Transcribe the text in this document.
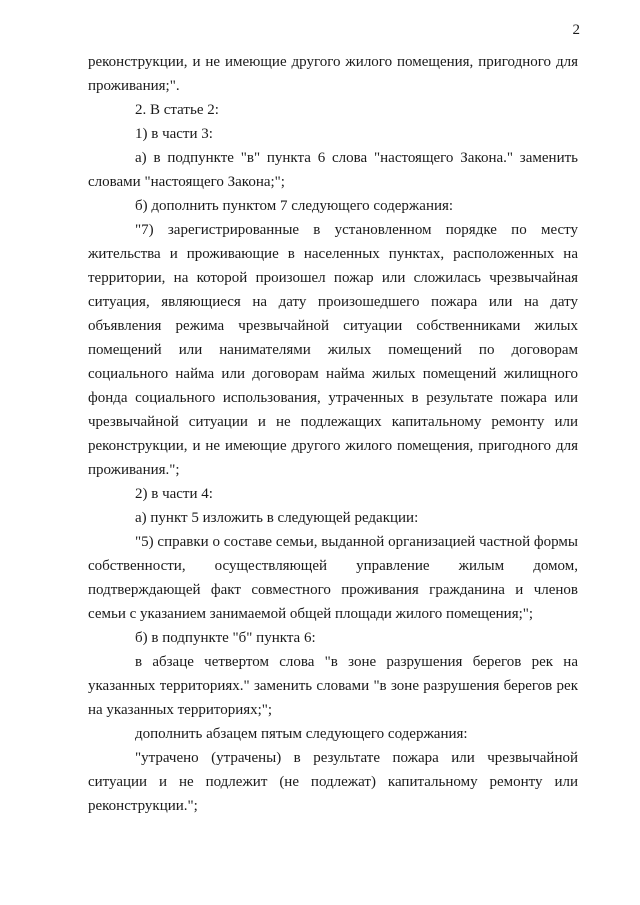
2

реконструкции, и не имеющие другого жилого помещения, пригодного для проживания;".

2. В статье 2:

1) в части 3:

а) в подпункте "в" пункта 6 слова "настоящего Закона." заменить словами "настоящего Закона;";

б) дополнить пунктом 7 следующего содержания:

"7) зарегистрированные в установленном порядке по месту жительства и проживающие в населенных пунктах, расположенных на территории, на которой произошел пожар или сложилась чрезвычайная ситуация, являющиеся на дату произошедшего пожара или на дату объявления режима чрезвычайной ситуации собственниками жилых помещений или нанимателями жилых помещений по договорам социального найма или договорам найма жилых помещений жилищного фонда социального использования, утраченных в результате пожара или чрезвычайной ситуации и не подлежащих капитальному ремонту или реконструкции, и не имеющие другого жилого помещения, пригодного для проживания.";

2) в части 4:

а) пункт 5 изложить в следующей редакции:

"5) справки о составе семьи, выданной организацией частной формы собственности, осуществляющей управление жилым домом, подтверждающей факт совместного проживания гражданина и членов семьи с указанием занимаемой общей площади жилого помещения;";

б) в подпункте "б" пункта 6:

в абзаце четвертом слова "в зоне разрушения берегов рек на указанных территориях." заменить словами "в зоне разрушения берегов рек на указанных территориях;";

дополнить абзацем пятым следующего содержания:

"утрачено (утрачены) в результате пожара или чрезвычайной ситуации и не подлежит (не подлежат) капитальному ремонту или реконструкции.";
